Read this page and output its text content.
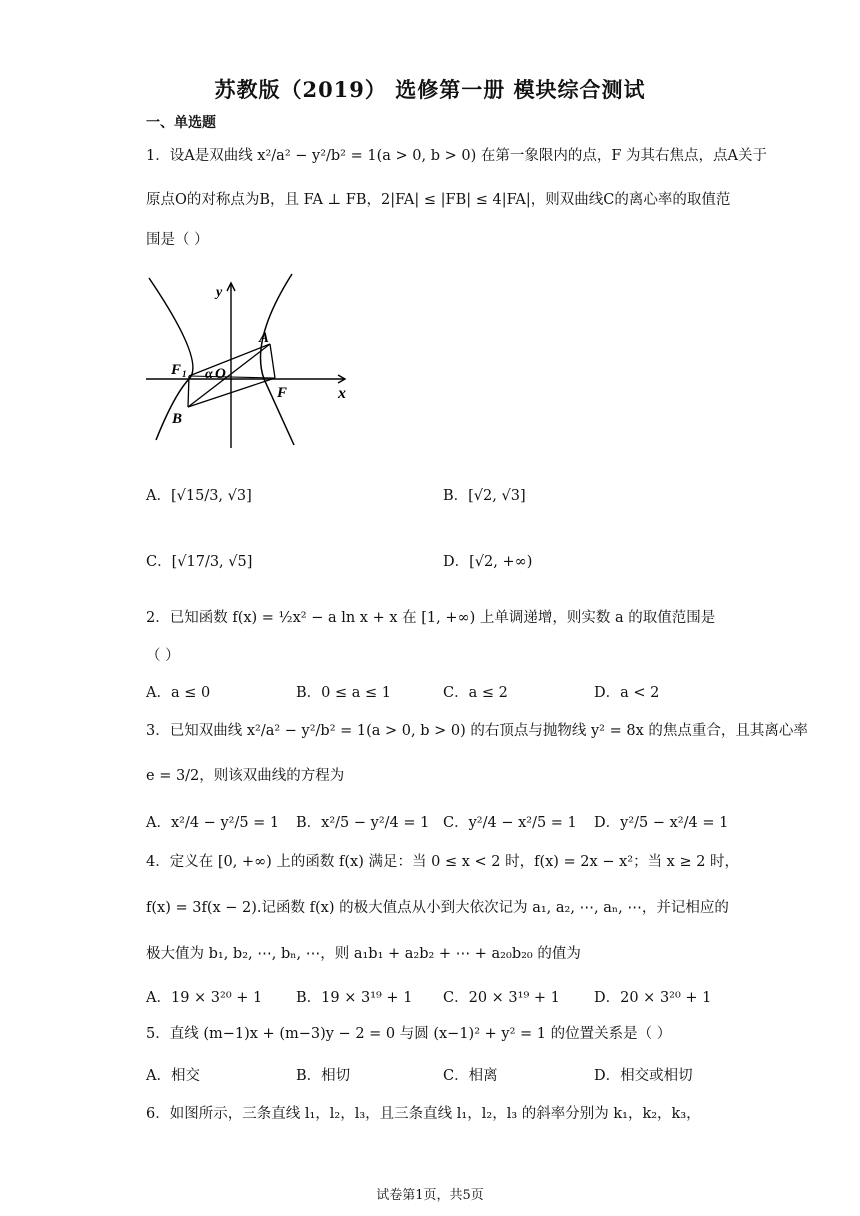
苏教版（2019） 选修第一册 模块综合测试
一、单选题
1．设A是双曲线 x²/a² − y²/b² = 1(a > 0, b > 0) 在第一象限内的点，F 为其右焦点，点A关于
原点O的对称点为B，且 FA ⊥ FB，2|FA| ≤ |FB| ≤ 4|FA|，则双曲线C的离心率的取值范
围是（ ）
y
x
A
B
F 1 α O
F
A．[√15/3, √3]	B．[√2, √3]
C．[√17/3, √5]	D．[√2, +∞)
2．已知函数 f(x) = ½x² − a ln x + x 在 [1, +∞) 上单调递增，则实数 a 的取值范围是
（ ）
A．a ≤ 0	B．0 ≤ a ≤ 1	C．a ≤ 2	D．a < 2
3．已知双曲线 x²/a² − y²/b² = 1(a > 0, b > 0) 的右顶点与抛物线 y² = 8x 的焦点重合，且其离心率
e = 3/2，则该双曲线的方程为
A．x²/4 − y²/5 = 1 B．x²/5 − y²/4 = 1 C．y²/4 − x²/5 = 1 D．y²/5 − x²/4 = 1
4．定义在 [0, +∞) 上的函数 f(x) 满足：当 0 ≤ x < 2 时，f(x) = 2x − x²；当 x ≥ 2 时，
f(x) = 3f(x − 2).记函数 f(x) 的极大值点从小到大依次记为 a₁, a₂, ⋯, aₙ, ⋯，并记相应的
极大值为 b₁, b₂, ⋯, bₙ, ⋯，则 a₁b₁ + a₂b₂ + ⋯ + a₂₀b₂₀ 的值为
A．19 × 3²⁰ + 1 B．19 × 3¹⁹ + 1 C．20 × 3¹⁹ + 1 D．20 × 3²⁰ + 1
5．直线 (m−1)x + (m−3)y − 2 = 0 与圆 (x−1)² + y² = 1 的位置关系是（ ）
A．相交	B．相切	C．相离	D．相交或相切
6．如图所示，三条直线 l₁，l₂，l₃，且三条直线 l₁，l₂，l₃ 的斜率分别为 k₁，k₂，k₃，
试卷第1页，共5页
